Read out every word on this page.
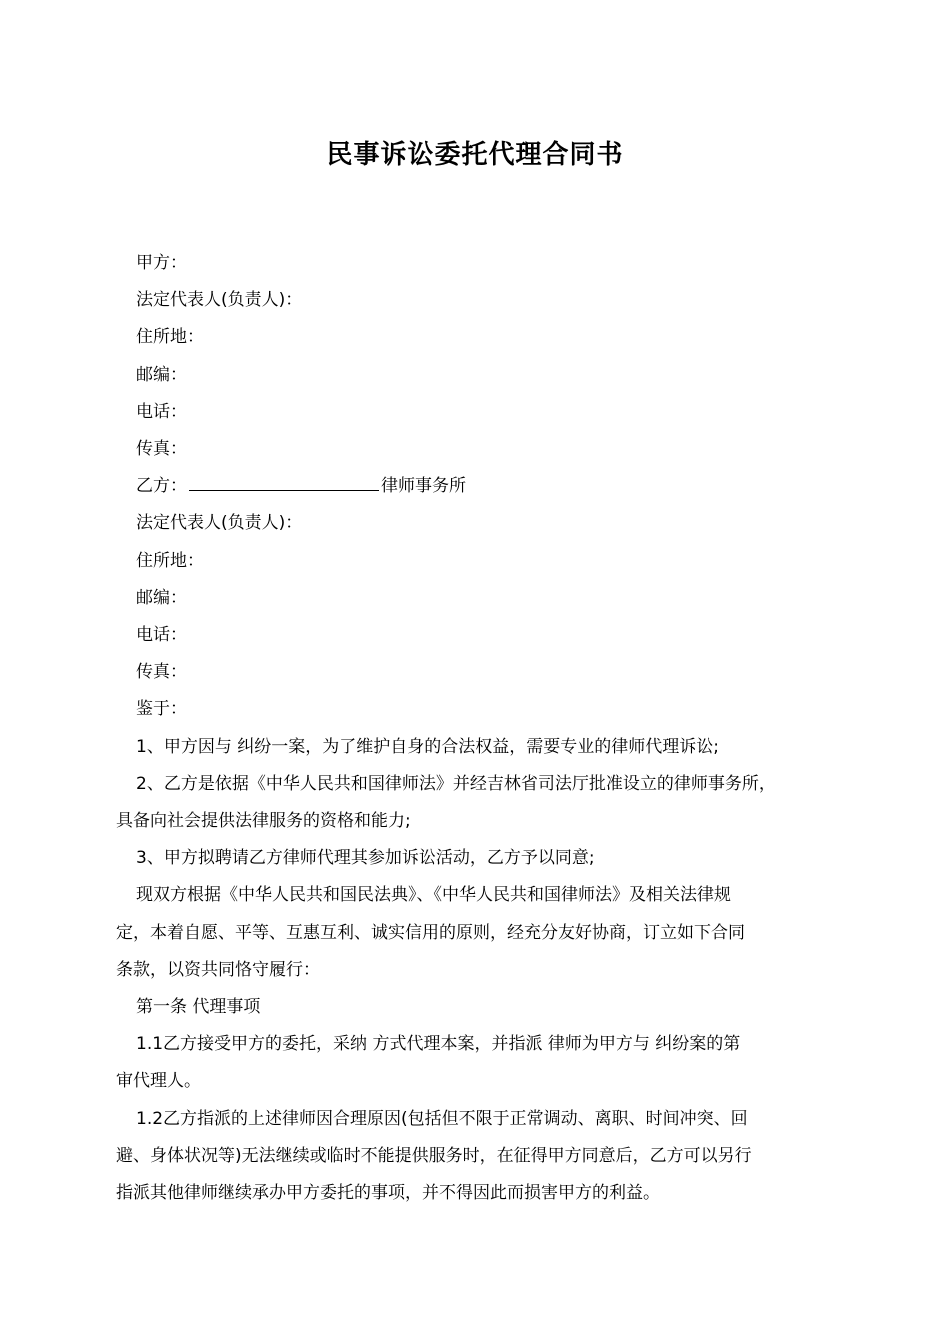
民事诉讼委托代理合同书

甲方：

法定代表人(负责人)：

住所地：

邮编：

电话：

传真：

乙方：	律师事务所

法定代表人(负责人)：

住所地：

邮编：

电话：

传真：

鉴于：

1、甲方因与 纠纷一案，为了维护自身的合法权益，需要专业的律师代理诉讼;

2、乙方是依据《中华人民共和国律师法》并经吉林省司法厅批准设立的律师事务所，

具备向社会提供法律服务的资格和能力;

3、甲方拟聘请乙方律师代理其参加诉讼活动，乙方予以同意;

现双方根据《中华人民共和国民法典》、《中华人民共和国律师法》及相关法律规

定，本着自愿、平等、互惠互利、诚实信用的原则，经充分友好协商，订立如下合同

条款，以资共同恪守履行：

第一条 代理事项

1.1乙方接受甲方的委托，采纳 方式代理本案，并指派 律师为甲方与 纠纷案的第

审代理人。

1.2乙方指派的上述律师因合理原因(包括但不限于正常调动、离职、时间冲突、回

避、身体状况等)无法继续或临时不能提供服务时，在征得甲方同意后，乙方可以另行

指派其他律师继续承办甲方委托的事项，并不得因此而损害甲方的利益。
